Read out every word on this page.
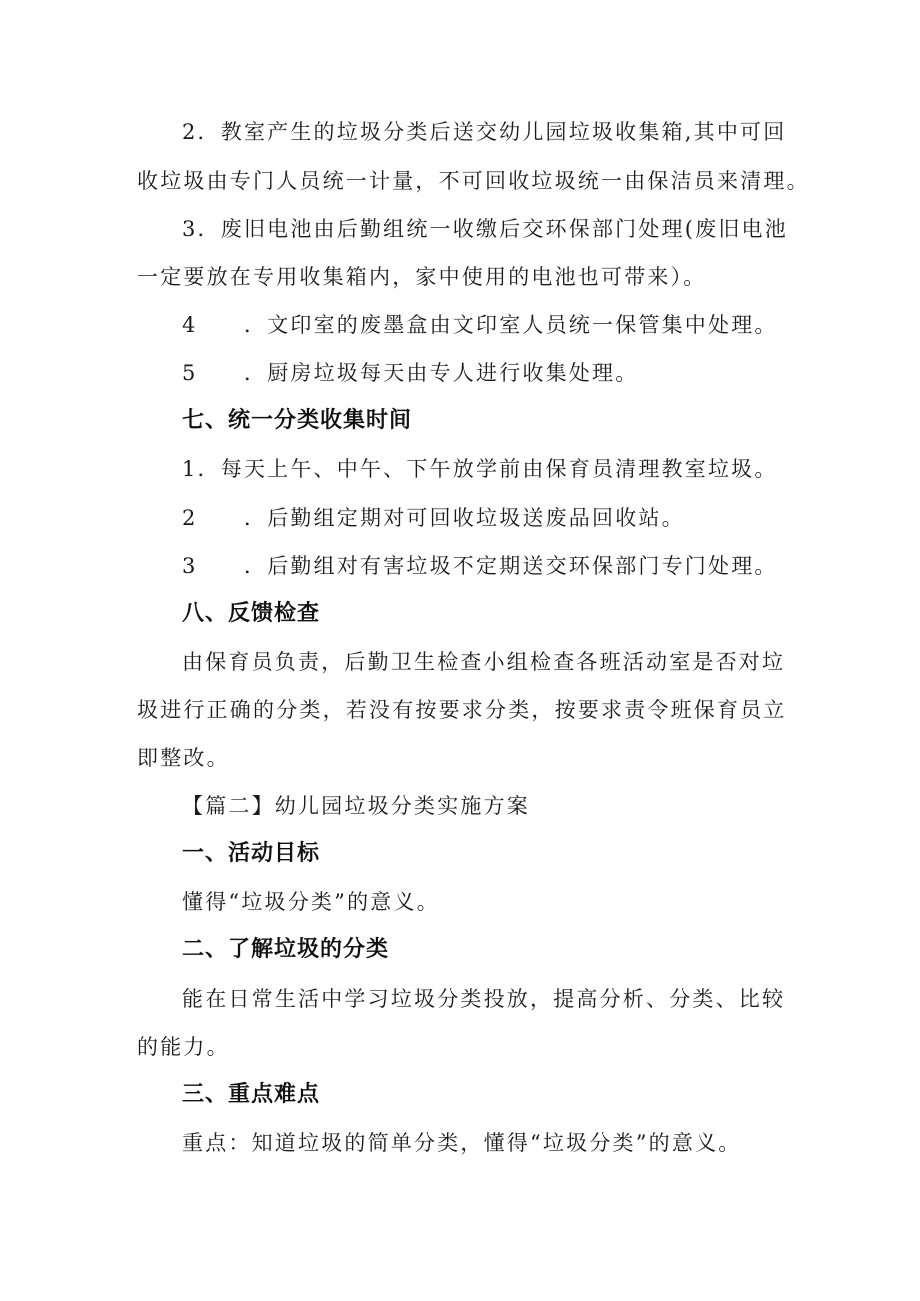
2．教室产生的垃圾分类后送交幼儿园垃圾收集箱,其中可回
收垃圾由专门人员统一计量，不可回收垃圾统一由保洁员来清理。
3．废旧电池由后勤组统一收缴后交环保部门处理(废旧电池
一定要放在专用收集箱内，家中使用的电池也可带来）。
4 ．文印室的废墨盒由文印室人员统一保管集中处理。
5 ．厨房垃圾每天由专人进行收集处理。
七、统一分类收集时间
1．每天上午、中午、下午放学前由保育员清理教室垃圾。
2 ．后勤组定期对可回收垃圾送废品回收站。
3 ．后勤组对有害垃圾不定期送交环保部门专门处理。
八、反馈检查
由保育员负责，后勤卫生检查小组检查各班活动室是否对垃
圾进行正确的分类，若没有按要求分类，按要求责令班保育员立
即整改。
【篇二】幼儿园垃圾分类实施方案
一、活动目标
懂得“垃圾分类”的意义。
二、了解垃圾的分类
能在日常生活中学习垃圾分类投放，提高分析、分类、比较
的能力。
三、重点难点
重点：知道垃圾的简单分类，懂得“垃圾分类”的意义。
